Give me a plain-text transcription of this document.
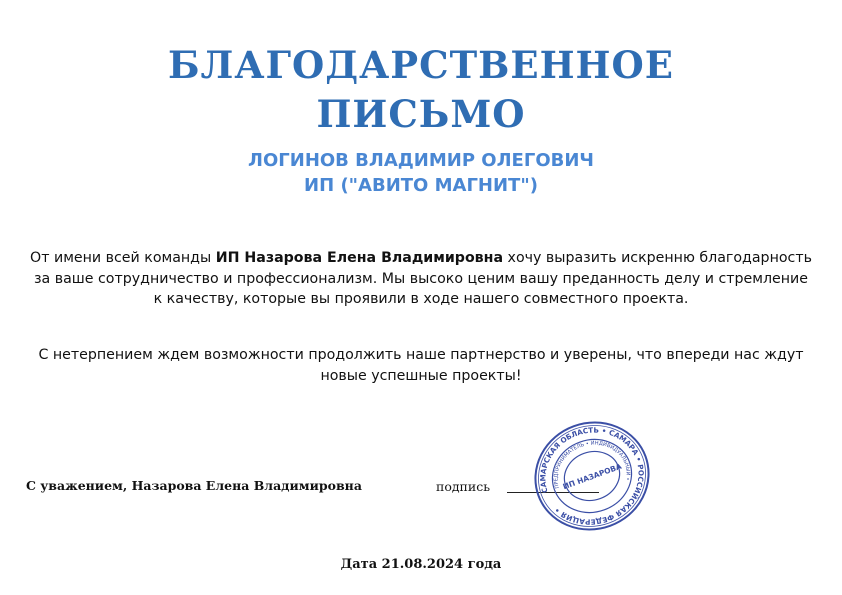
БЛАГОДАРСТВЕННОЕ
ПИСЬМО
ЛОГИНОВ ВЛАДИМИР ОЛЕГОВИЧ
ИП ("АВИТО МАГНИТ")
От имени всей команды ИП Назарова Елена Владимировна хочу выразить искренню благодарность за ваше сотрудничество и профессионализм. Мы высоко ценим вашу преданность делу и стремление к качеству, которые вы проявили в ходе нашего совместного проекта.
С нетерпением ждем возможности продолжить наше партнерство и уверены, что впереди нас ждут новые успешные проекты!
С уважением, Назарова Елена Владимировна	подпись	САМАРСКАЯ ОБЛАСТЬ • САМАРА • РОССИЙСКАЯ ФЕДЕРАЦИЯ •
ПРЕДПРИНИМАТЕЛЬ • ИНДИВИДУАЛЬНЫЙ •
ИП НАЗАРОВА
Дата 21.08.2024 года
